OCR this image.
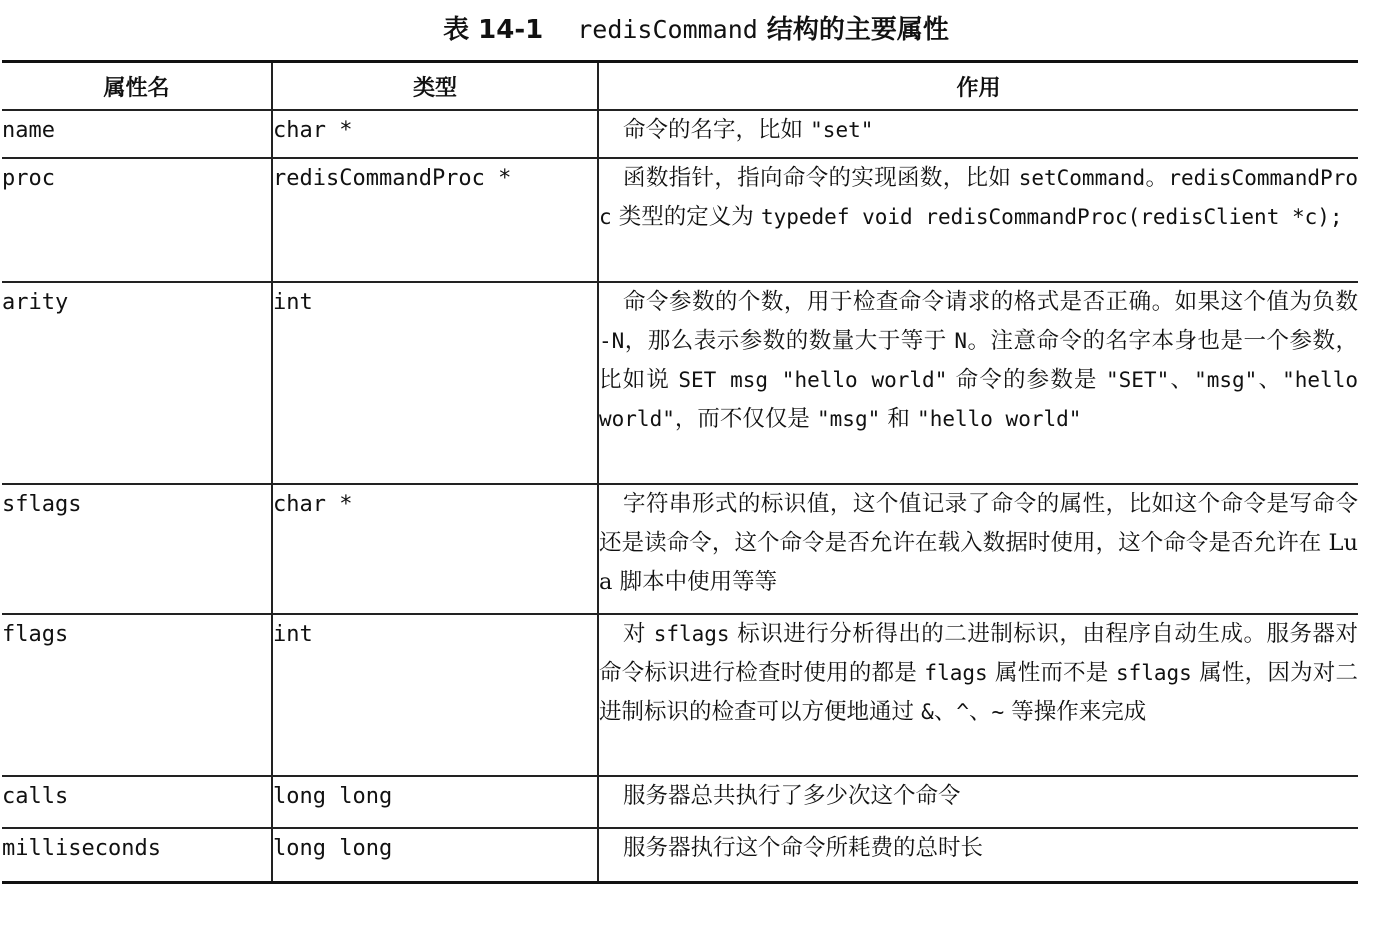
表 14-1 redisCommand 结构的主要属性
属性名	类型	作用
name	char *	命令的名字，比如 "set"
proc	redisCommandProc *	函数指针，指向命令的实现函数，比如 setCommand。redisCommandProc 类型的定义为 typedef void redisCommandProc(redisClient *c);
arity	int	命令参数的个数，用于检查命令请求的格式是否正确。如果这个值为负数 -N，那么表示参数的数量大于等于 N。注意命令的名字本身也是一个参数，比如说 SET msg "hello world" 命令的参数是 "SET"、"msg"、"hello world"，而不仅仅是 "msg" 和 "hello world"
sflags	char *	字符串形式的标识值，这个值记录了命令的属性，比如这个命令是写命令还是读命令，这个命令是否允许在载入数据时使用，这个命令是否允许在 Lua 脚本中使用等等
flags	int	对 sflags 标识进行分析得出的二进制标识，由程序自动生成。服务器对命令标识进行检查时使用的都是 flags 属性而不是 sflags 属性，因为对二进制标识的检查可以方便地通过 &、^、~ 等操作来完成
calls	long long	服务器总共执行了多少次这个命令
milliseconds	long long	服务器执行这个命令所耗费的总时长
